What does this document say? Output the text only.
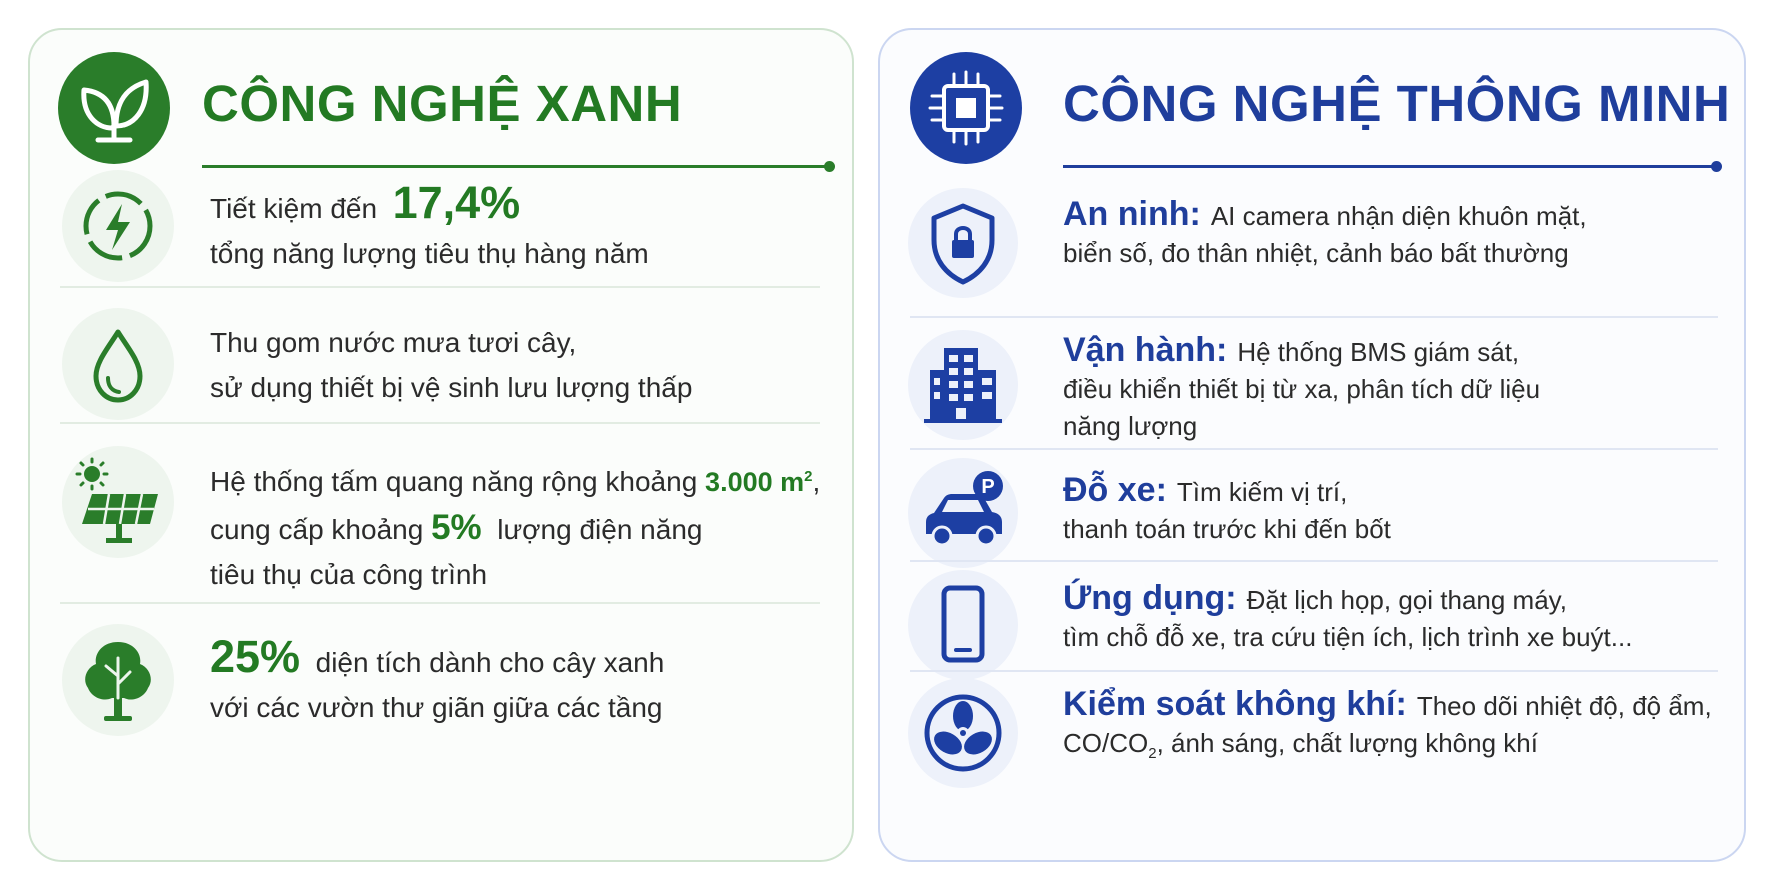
CÔNG NGHỆ XANH
Tiết kiệm đến 17,4%
tổng năng lượng tiêu thụ hàng năm
Thu gom nước mưa tươi cây,
sử dụng thiết bị vệ sinh lưu lượng thấp
Hệ thống tấm quang năng rộng khoảng 3.000 $m^2$,
cung cấp khoảng 5% lượng điện năng
tiêu thụ của công trình
25% diện tích dành cho cây xanh
với các vườn thư giãn giữa các tầng
CÔNG NGHỆ THÔNG MINH
An ninh: AI camera nhận diện khuôn mặt,
biển số, đo thân nhiệt, cảnh báo bất thường
Vận hành: Hệ thống BMS giám sát,
điều khiển thiết bị từ xa, phân tích dữ liệu
năng lượng
P Đỗ xe: Tìm kiếm vị trí,
thanh toán trước khi đến bốt
Ứng dụng: Đặt lịch họp, gọi thang máy,
tìm chỗ đỗ xe, tra cứu tiện ích, lịch trình xe buýt...
Kiểm soát không khí: Theo dõi nhiệt độ, độ ẩm,
$CO/CO_2$, ánh sáng, chất lượng không khí
